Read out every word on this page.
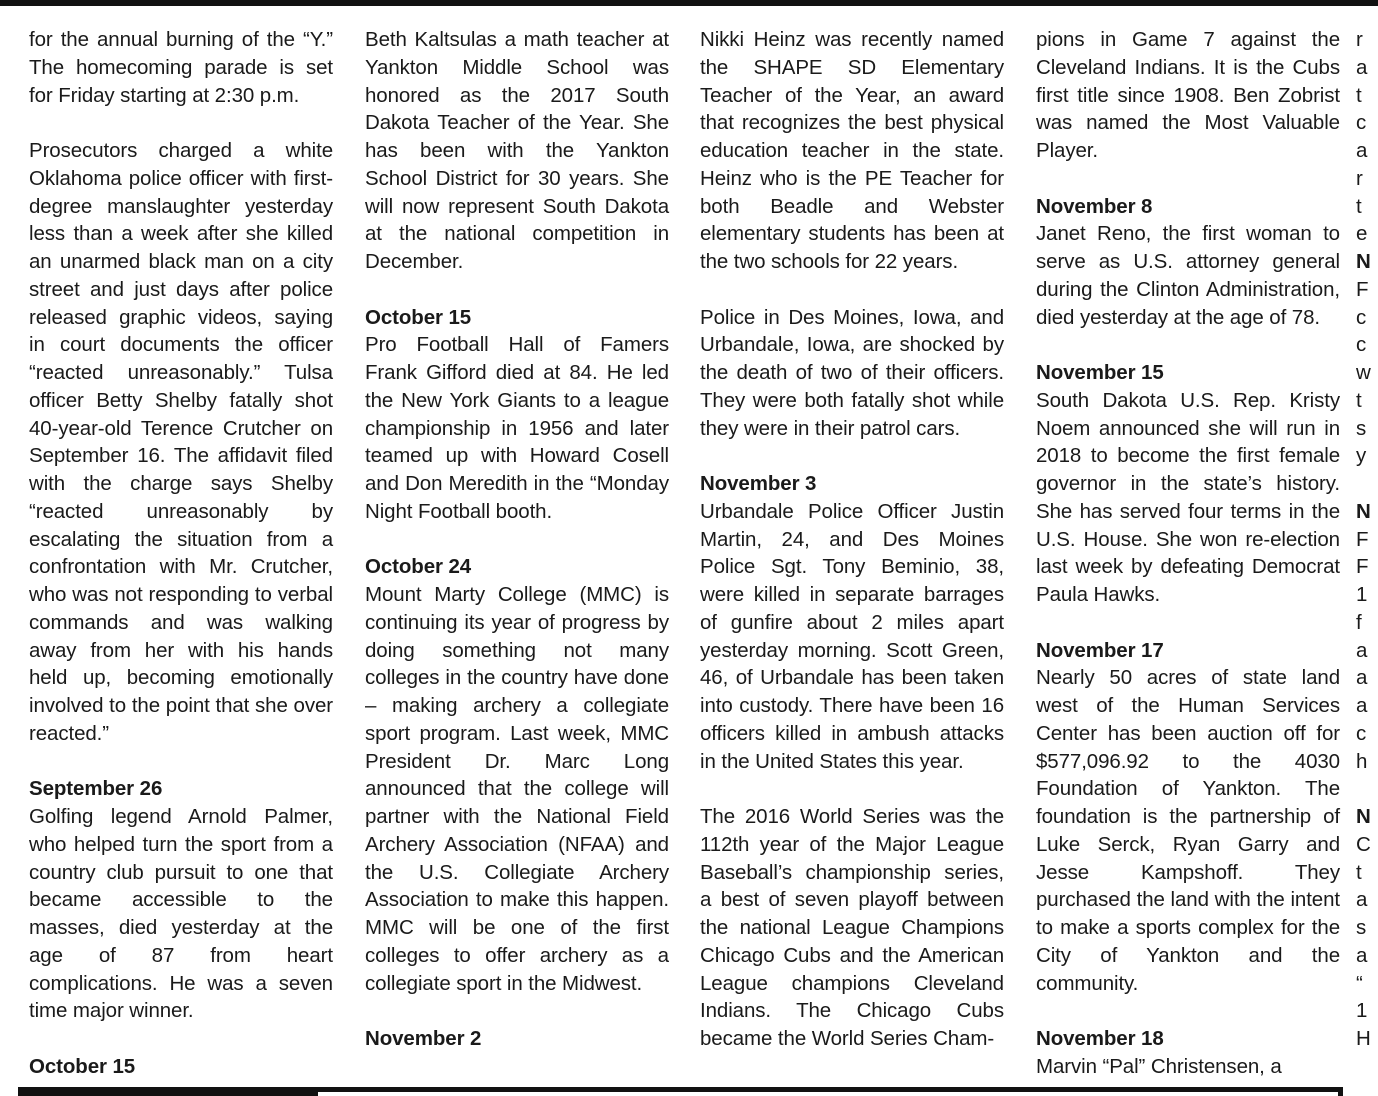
for the annual burning of the “Y.” The homecoming parade is set for Friday starting at 2:30 p.m.

Prosecutors charged a white Oklahoma police officer with first-degree manslaughter yesterday less than a week after she killed an unarmed black man on a city street and just days after police released graphic videos, saying in court documents the officer “reacted unreasonably.” Tulsa officer Betty Shelby fatally shot 40-year-old Terence Crutcher on September 16. The affidavit filed with the charge says Shelby “reacted unreasonably by escalating the situation from a confrontation with Mr. Crutcher, who was not responding to verbal commands and was walking away from her with his hands held up, becoming emotionally involved to the point that she over reacted.”

September 26

Golfing legend Arnold Palmer, who helped turn the sport from a country club pursuit to one that became accessible to the masses, died yesterday at the age of 87 from heart complications. He was a seven time major winner.

October 15

Beth Kaltsulas a math teacher at Yankton Middle School was honored as the 2017 South Dakota Teacher of the Year. She has been with the Yankton School District for 30 years. She will now represent South Dakota at the national competition in December.

October 15

Pro Football Hall of Famers Frank Gifford died at 84. He led the New York Giants to a league championship in 1956 and later teamed up with Howard Cosell and Don Meredith in the “Monday Night Football booth.

October 24

Mount Marty College (MMC) is continuing its year of progress by doing something not many colleges in the country have done – making archery a collegiate sport program. Last week, MMC President Dr. Marc Long announced that the college will partner with the National Field Archery Association (NFAA) and the U.S. Collegiate Archery Association to make this happen. MMC will be one of the first colleges to offer archery as a collegiate sport in the Midwest.

November 2

Nikki Heinz was recently named the SHAPE SD Elementary Teacher of the Year, an award that recognizes the best physical education teacher in the state. Heinz who is the PE Teacher for both Beadle and Webster elementary students has been at the two schools for 22 years.

Police in Des Moines, Iowa, and Urbandale, Iowa, are shocked by the death of two of their officers. They were both fatally shot while they were in their patrol cars.

November 3

Urbandale Police Officer Justin Martin, 24, and Des Moines Police Sgt. Tony Beminio, 38, were killed in separate barrages of gunfire about 2 miles apart yesterday morning. Scott Green, 46, of Urbandale has been taken into custody. There have been 16 officers killed in ambush attacks in the United States this year.

The 2016 World Series was the 112th year of the Major League Baseball’s championship series, a best of seven playoff between the national League Champions Chicago Cubs and the American League champions Cleveland Indians. The Chicago Cubs became the World Series Cham-

pions in Game 7 against the Cleveland Indians. It is the Cubs first title since 1908. Ben Zobrist was named the Most Valuable Player.

November 8

Janet Reno, the first woman to serve as U.S. attorney general during the Clinton Administration, died yesterday at the age of 78.

November 15

South Dakota U.S. Rep. Kristy Noem announced she will run in 2018 to become the first female governor in the state’s history. She has served four terms in the U.S. House. She won re-election last week by defeating Democrat Paula Hawks.

November 17

Nearly 50 acres of state land west of the Human Services Center has been auction off for $577,096.92 to the 4030 Foundation of Yankton. The foundation is the partnership of Luke Serck, Ryan Garry and Jesse Kampshoff. They purchased the land with the intent to make a sports complex for the City of Yankton and the community.

November 18

Marvin “Pal” Christensen, a

r
a
t
c
a
r
t
e
N
F
c
c
w
t
s
y
N
F
F
1
f
a
a
a
c
h
N
C
t
a
s
a
“
1
H
